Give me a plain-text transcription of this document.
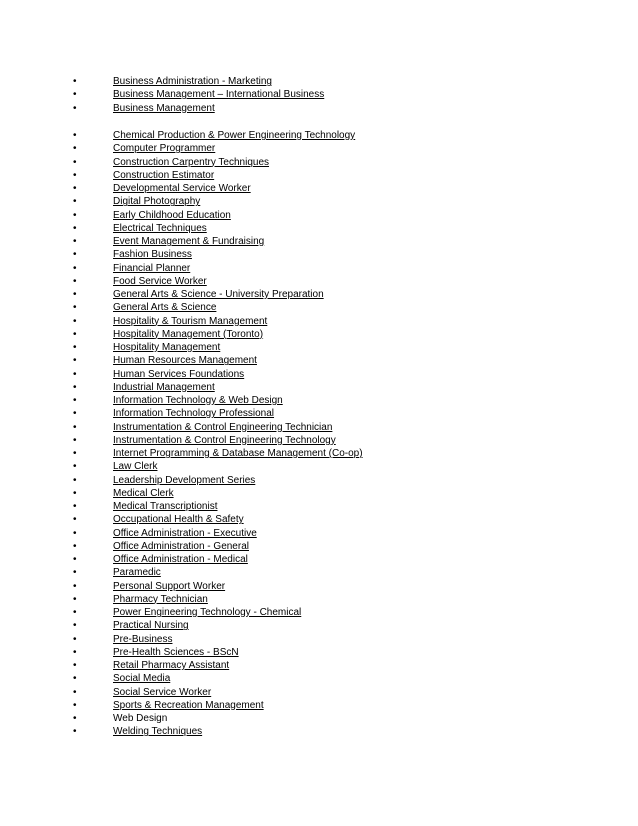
•	Business Administration - Marketing
•	Business Management – International Business
•	Business Management
•	Chemical Production & Power Engineering Technology
•	Computer Programmer
•	Construction Carpentry Techniques
•	Construction Estimator
•	Developmental Service Worker
•	Digital Photography
•	Early Childhood Education
•	Electrical Techniques
•	Event Management & Fundraising
•	Fashion Business
•	Financial Planner
•	Food Service Worker
•	General Arts & Science - University Preparation
•	General Arts & Science
•	Hospitality & Tourism Management
•	Hospitality Management (Toronto)
•	Hospitality Management
•	Human Resources Management
•	Human Services Foundations
•	Industrial Management
•	Information Technology & Web Design
•	Information Technology Professional
•	Instrumentation & Control Engineering Technician
•	Instrumentation & Control Engineering Technology
•	Internet Programming & Database Management (Co-op)
•	Law Clerk
•	Leadership Development Series
•	Medical Clerk
•	Medical Transcriptionist
•	Occupational Health & Safety
•	Office Administration - Executive
•	Office Administration - General
•	Office Administration - Medical
•	Paramedic
•	Personal Support Worker
•	Pharmacy Technician
•	Power Engineering Technology - Chemical
•	Practical Nursing
•	Pre-Business
•	Pre-Health Sciences - BScN
•	Retail Pharmacy Assistant
•	Social Media
•	Social Service Worker
•	Sports & Recreation Management
•	Web Design
•	Welding Techniques
